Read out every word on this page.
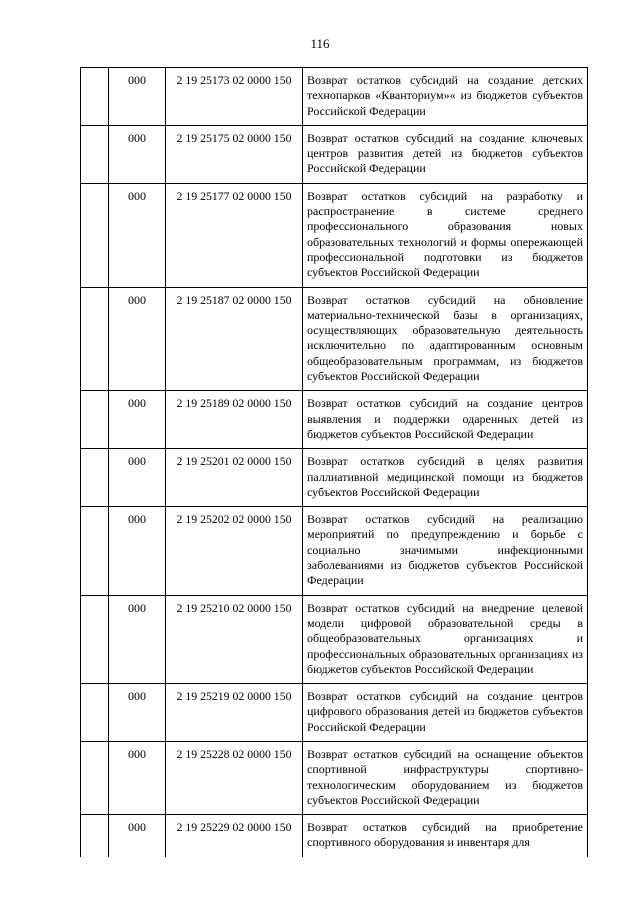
116
	000	2 19 25173 02 0000 150	Возврат остатков субсидий на создание детских технопарков «Кванториум»« из бюджетов субъектов Российской Федерации
	000	2 19 25175 02 0000 150	Возврат остатков субсидий на создание ключевых центров развития детей из бюджетов субъектов Российской Федерации
	000	2 19 25177 02 0000 150	Возврат остатков субсидий на разработку и распространение в системе среднего профессионального образования новых образовательных технологий и формы опережающей профессиональной подготовки из бюджетов субъектов Российской Федерации
	000	2 19 25187 02 0000 150	Возврат остатков субсидий на обновление материально-технической базы в организациях, осуществляющих образовательную деятельность исключительно по адаптированным основным общеобразовательным программам, из бюджетов субъектов Российской Федерации
	000	2 19 25189 02 0000 150	Возврат остатков субсидий на создание центров выявления и поддержки одаренных детей из бюджетов субъектов Российской Федерации
	000	2 19 25201 02 0000 150	Возврат остатков субсидий в целях развития паллиативной медицинской помощи из бюджетов субъектов Российской Федерации
	000	2 19 25202 02 0000 150	Возврат остатков субсидий на реализацию мероприятий по предупреждению и борьбе с социально значимыми инфекционными заболеваниями из бюджетов субъектов Российской Федерации
	000	2 19 25210 02 0000 150	Возврат остатков субсидий на внедрение целевой модели цифровой образовательной среды в общеобразовательных организациях и профессиональных образовательных организациях из бюджетов субъектов Российской Федерации
	000	2 19 25219 02 0000 150	Возврат остатков субсидий на создание центров цифрового образования детей из бюджетов субъектов Российской Федерации
	000	2 19 25228 02 0000 150	Возврат остатков субсидий на оснащение объектов спортивной инфраструктуры спортивно-технологическим оборудованием из бюджетов субъектов Российской Федерации
	000	2 19 25229 02 0000 150	Возврат остатков субсидий на приобретение спортивного оборудования и инвентаря для
